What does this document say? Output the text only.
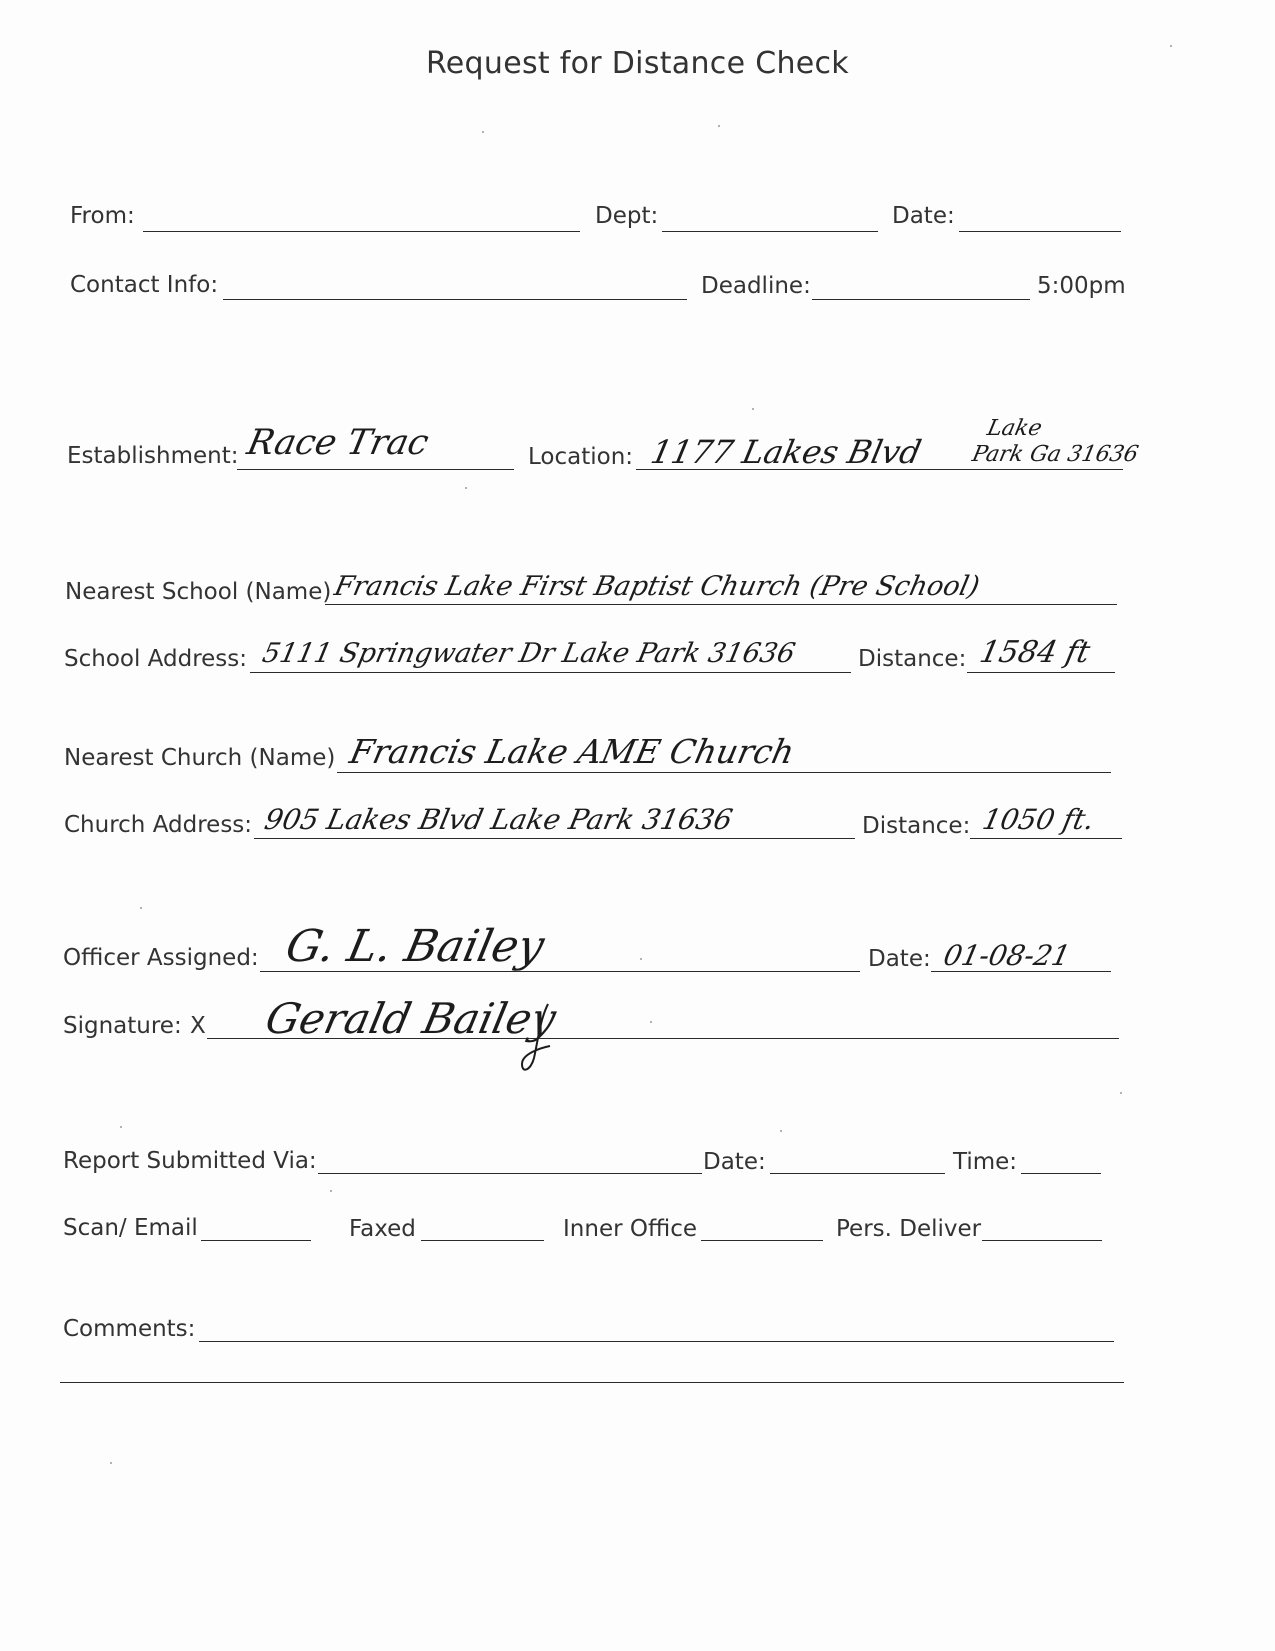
Request for Distance Check
From:	Dept:	Date:
Contact Info:	Deadline:	5:00pm
Establishment: Race Trac	Location: 1177 Lakes Blvd
Lake
Park Ga 31636
Nearest School (Name) Francis Lake First Baptist Church (Pre School)
School Address: 5111 Springwater Dr Lake Park 31636	Distance: 1584 ft
Nearest Church (Name) Francis Lake AME Church
Church Address: 905 Lakes Blvd Lake Park 31636	Distance: 1050 ft.
Officer Assigned: G. L. Bailey	Date: 01-08-21
Signature: X Gerald Bailey
Report Submitted Via:	Date:	Time:
Scan/ Email	Faxed	Inner Office	Pers. Deliver
Comments:
